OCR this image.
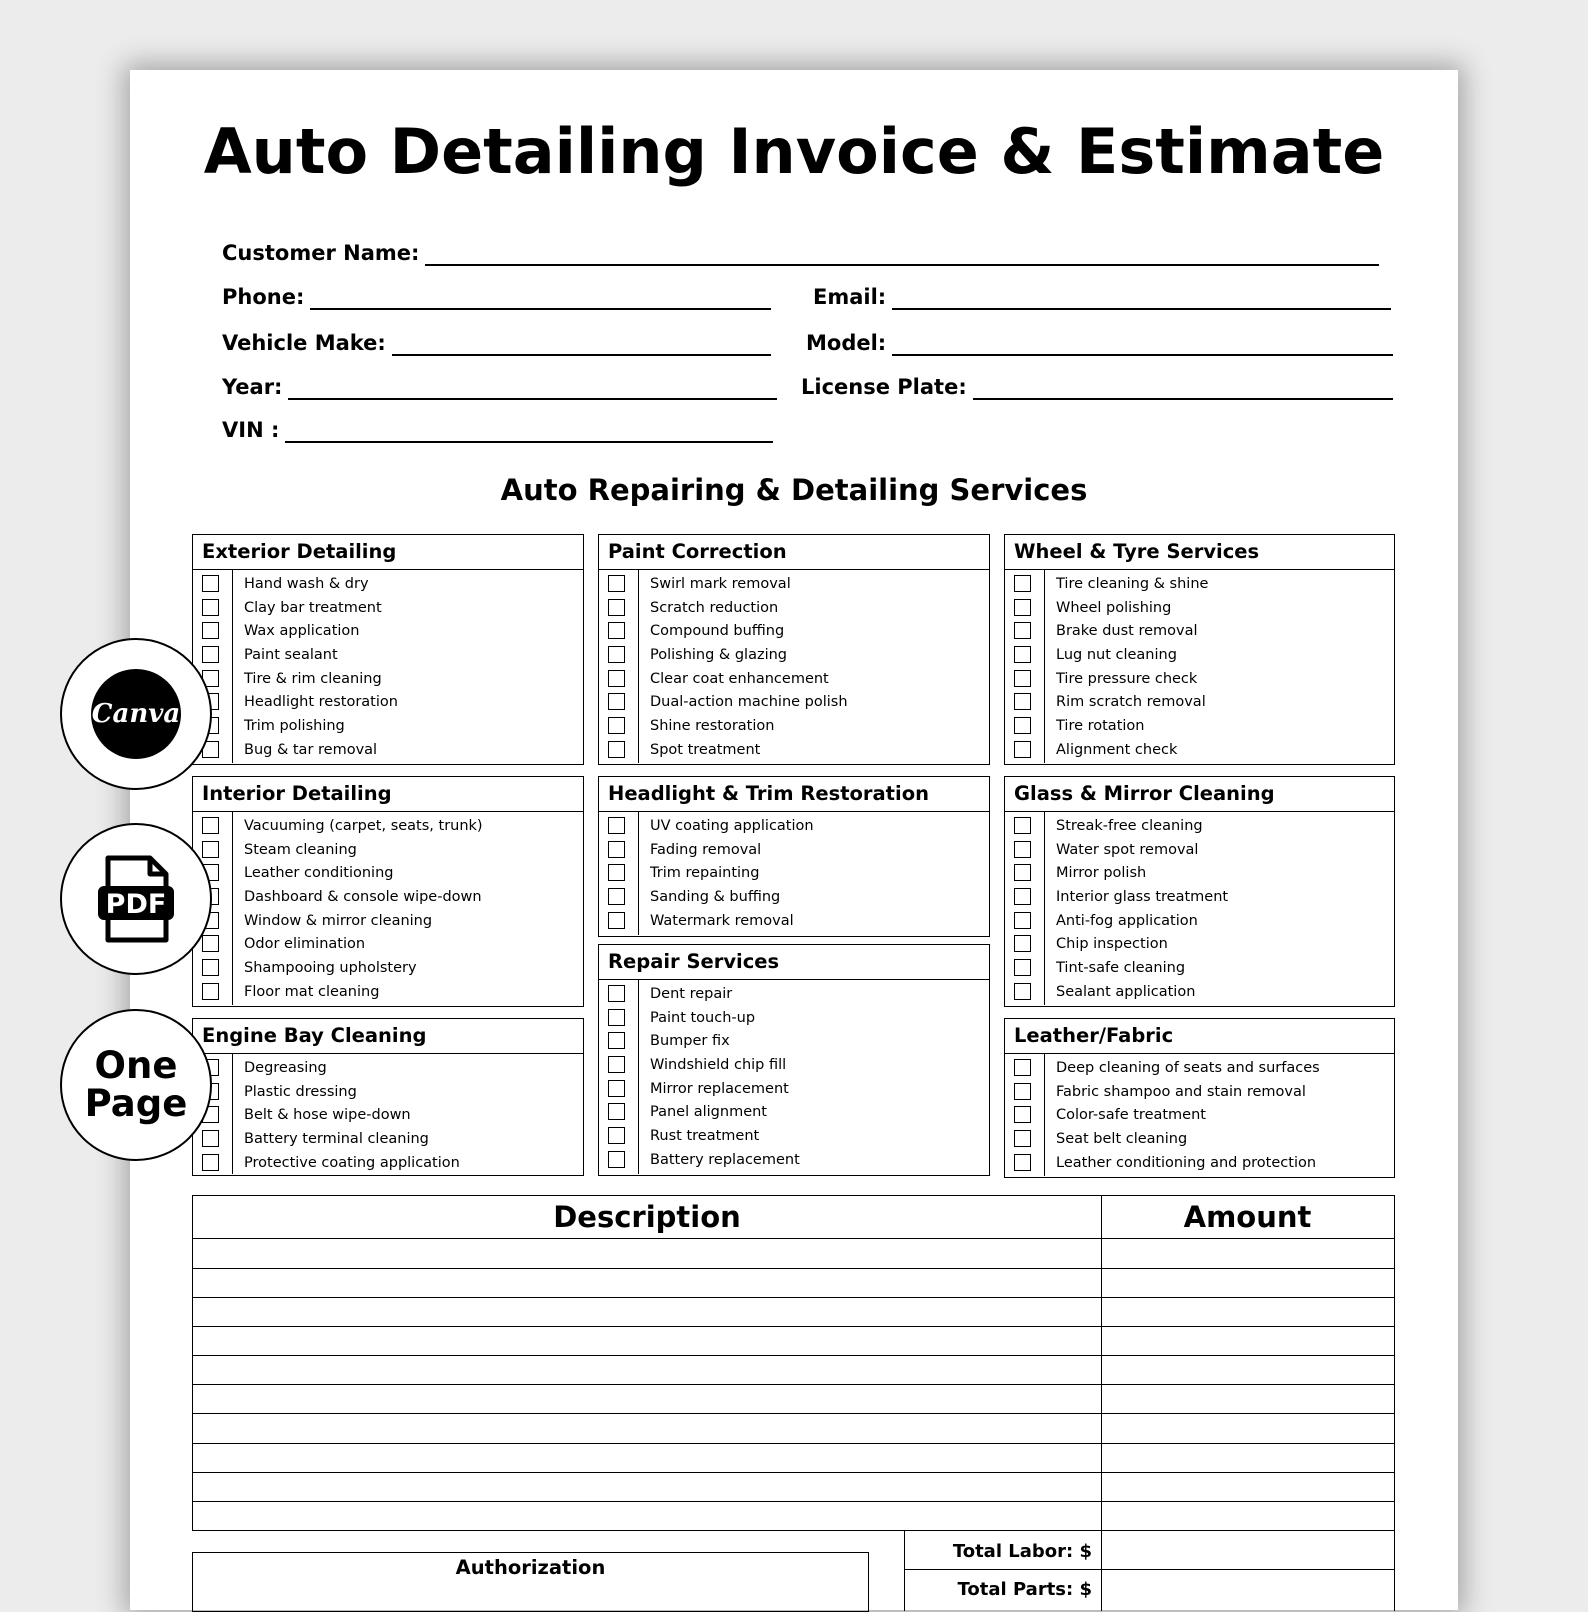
Auto Detailing Invoice & Estimate
Customer Name:
Phone:	Email:
Vehicle Make:	Model:
Year:	License Plate:
VIN :
Auto Repairing & Detailing Services
Exterior Detailing
Hand wash & dry
Clay bar treatment
Wax application
Paint sealant
Tire & rim cleaning
Headlight restoration
Trim polishing
Bug & tar removal
Paint Correction
Swirl mark removal
Scratch reduction
Compound buffing
Polishing & glazing
Clear coat enhancement
Dual-action machine polish
Shine restoration
Spot treatment
Wheel & Tyre Services
Tire cleaning & shine
Wheel polishing
Brake dust removal
Lug nut cleaning
Tire pressure check
Rim scratch removal
Tire rotation
Alignment check
Interior Detailing
Vacuuming (carpet, seats, trunk)
Steam cleaning
Leather conditioning
Dashboard & console wipe-down
Window & mirror cleaning
Odor elimination
Shampooing upholstery
Floor mat cleaning
Headlight & Trim Restoration
UV coating application
Fading removal
Trim repainting
Sanding & buffing
Watermark removal
Glass & Mirror Cleaning
Streak-free cleaning
Water spot removal
Mirror polish
Interior glass treatment
Anti-fog application
Chip inspection
Tint-safe cleaning
Sealant application
Engine Bay Cleaning
Degreasing
Plastic dressing
Belt & hose wipe-down
Battery terminal cleaning
Protective coating application
Repair Services
Dent repair
Paint touch-up
Bumper fix
Windshield chip fill
Mirror replacement
Panel alignment
Rust treatment
Battery replacement
Leather/Fabric
Deep cleaning of seats and surfaces
Fabric shampoo and stain removal
Color-safe treatment
Seat belt cleaning
Leather conditioning and protection
Canva
PDF
One
Page
Description	Amount
Authorization
Total Labor: $
Total Parts: $
